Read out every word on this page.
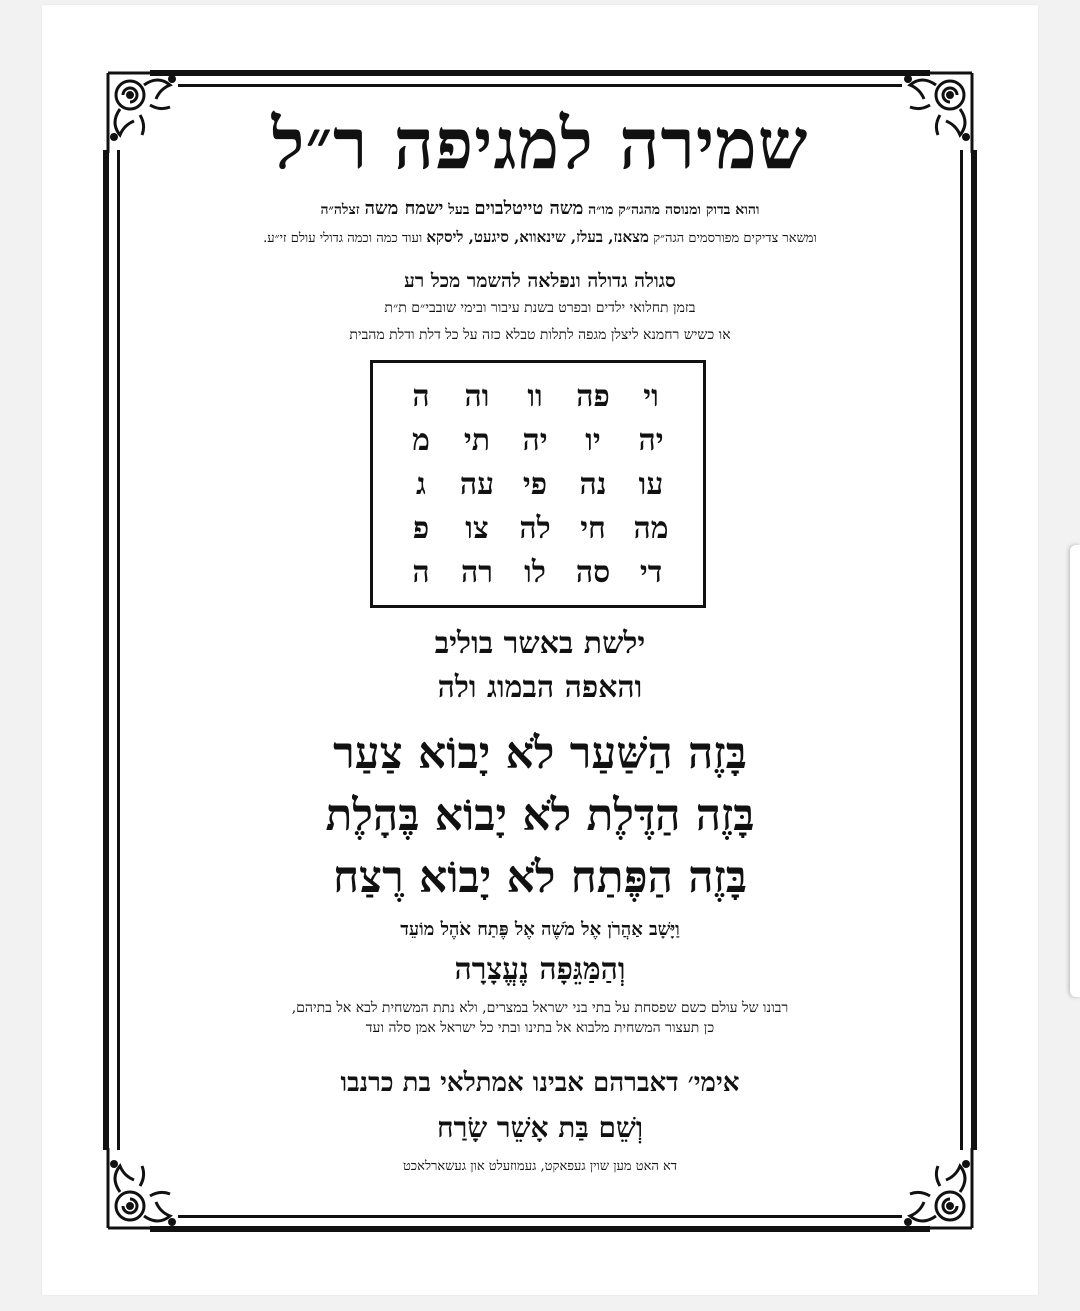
שמירה למגיפה ר״ל
והוא בדוק ומנוסה מהגה״ק מו״ה משה טייטלבוים בעל ישמח משה זצלה״ה
ומשאר צדיקים מפורסמים הגה״ק מצאנז, בעלז, שינאווא, סיגעט, ליסקא ועוד כמה וכמה גדולי עולם זי״ע.
סגולה גדולה ונפלאה להשמר מכל רע
בזמן תחלואי ילדים ובפרט בשנת עיבור ובימי שובבי״ם ת״ת
או כשיש רחמנא ליצלן מגפה לתלות טבלא כזה על כל דלת ודלת מהבית
וי
פה
וו
וה
ה
יה
יו
יה
תי
מ
עו
נה
פי
עה
ג
מה
חי
לה
צו
פ
די
סה
לו
רה
ה
ילשת באשר בוליב
והאפה הבמוג ולה
בָּזֶה הַשַּׁעַר לֹא יָבוֹא צַעַר
בָּזֶה הַדֶּלֶת לֹא יָבוֹא בֶּהָלֶת
בָּזֶה הַפֶּתַח לֹא יָבוֹא רֶצַח
וַיָּשָׁב אַהֲרֹן אֶל מֹשֶׁה אֶל פֶּתַח אֹהֶל מוֹעֵד
וְהַמַּגֵּפָה נֶעֱצָרָה
רבונו של עולם כשם שפסחת על בתי בני ישראל במצרים, ולא נתת המשחית לבא אל בתיהם,
כן תעצור המשחית מלבוא אל בתינו ובתי כל ישראל אמן סלה ועד
אימי׳ דאברהם אבינו אמתלאי בת כרנבו
וְשֵׁם בַּת אָשֵׁר שָׂרַח
דא האט מען שוין געפאקט, געמוזעלט און געשארלאכט
